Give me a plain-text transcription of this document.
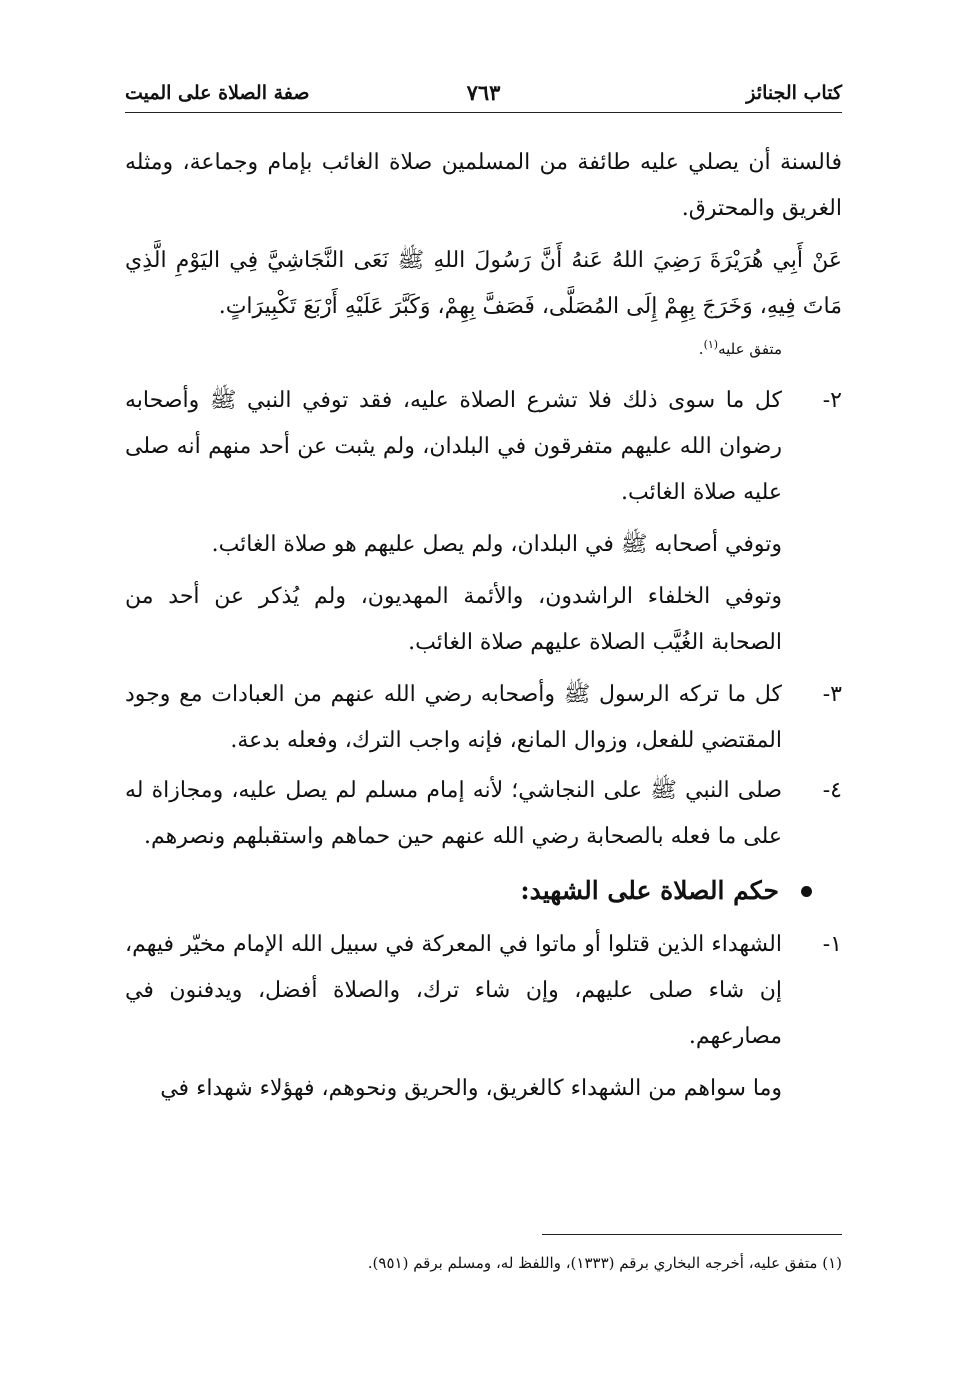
كتاب الجنائز
٧٦٣
صفة الصلاة على الميت

فالسنة أن يصلي عليه طائفة من المسلمين صلاة الغائب بإمام وجماعة، ومثله الغريق والمحترق.

عَنْ أَبِي هُرَيْرَةَ رَضِيَ اللهُ عَنهُ أَنَّ رَسُولَ اللهِ ﷺ نَعَى النَّجَاشِيَّ فِي اليَوْمِ الَّذِي مَاتَ فِيهِ، وَخَرَجَ بِهِمْ إِلَى المُصَلَّى، فَصَفَّ بِهِمْ، وَكَبَّرَ عَلَيْهِ أَرْبَعَ تَكْبِيرَاتٍ.

متفق عليه$^{(١)}$.

٢-
كل ما سوى ذلك فلا تشرع الصلاة عليه، فقد توفي النبي ﷺ وأصحابه رضوان الله عليهم متفرقون في البلدان، ولم يثبت عن أحد منهم أنه صلى عليه صلاة الغائب.

وتوفي أصحابه ﷺ في البلدان، ولم يصل عليهم هو صلاة الغائب.

وتوفي الخلفاء الراشدون، والأئمة المهديون، ولم يُذكر عن أحد من الصحابة الغُيَّب الصلاة عليهم صلاة الغائب.

٣-
كل ما تركه الرسول ﷺ وأصحابه رضي الله عنهم من العبادات مع وجود المقتضي للفعل، وزوال المانع، فإنه واجب الترك، وفعله بدعة.
٤-
صلى النبي ﷺ على النجاشي؛ لأنه إمام مسلم لم يصل عليه، ومجازاة له على ما فعله بالصحابة رضي الله عنهم حين حماهم واستقبلهم ونصرهم.
حكم الصلاة على الشهيد:
١-
الشهداء الذين قتلوا أو ماتوا في المعركة في سبيل الله الإمام مخيّر فيهم، إن شاء صلى عليهم، وإن شاء ترك، والصلاة أفضل، ويدفنون في مصارعهم.

وما سواهم من الشهداء كالغريق، والحريق ونحوهم، فهؤلاء شهداء في

(١) متفق عليه، أخرجه البخاري برقم (١٣٣٣)، واللفظ له، ومسلم برقم (٩٥١).
